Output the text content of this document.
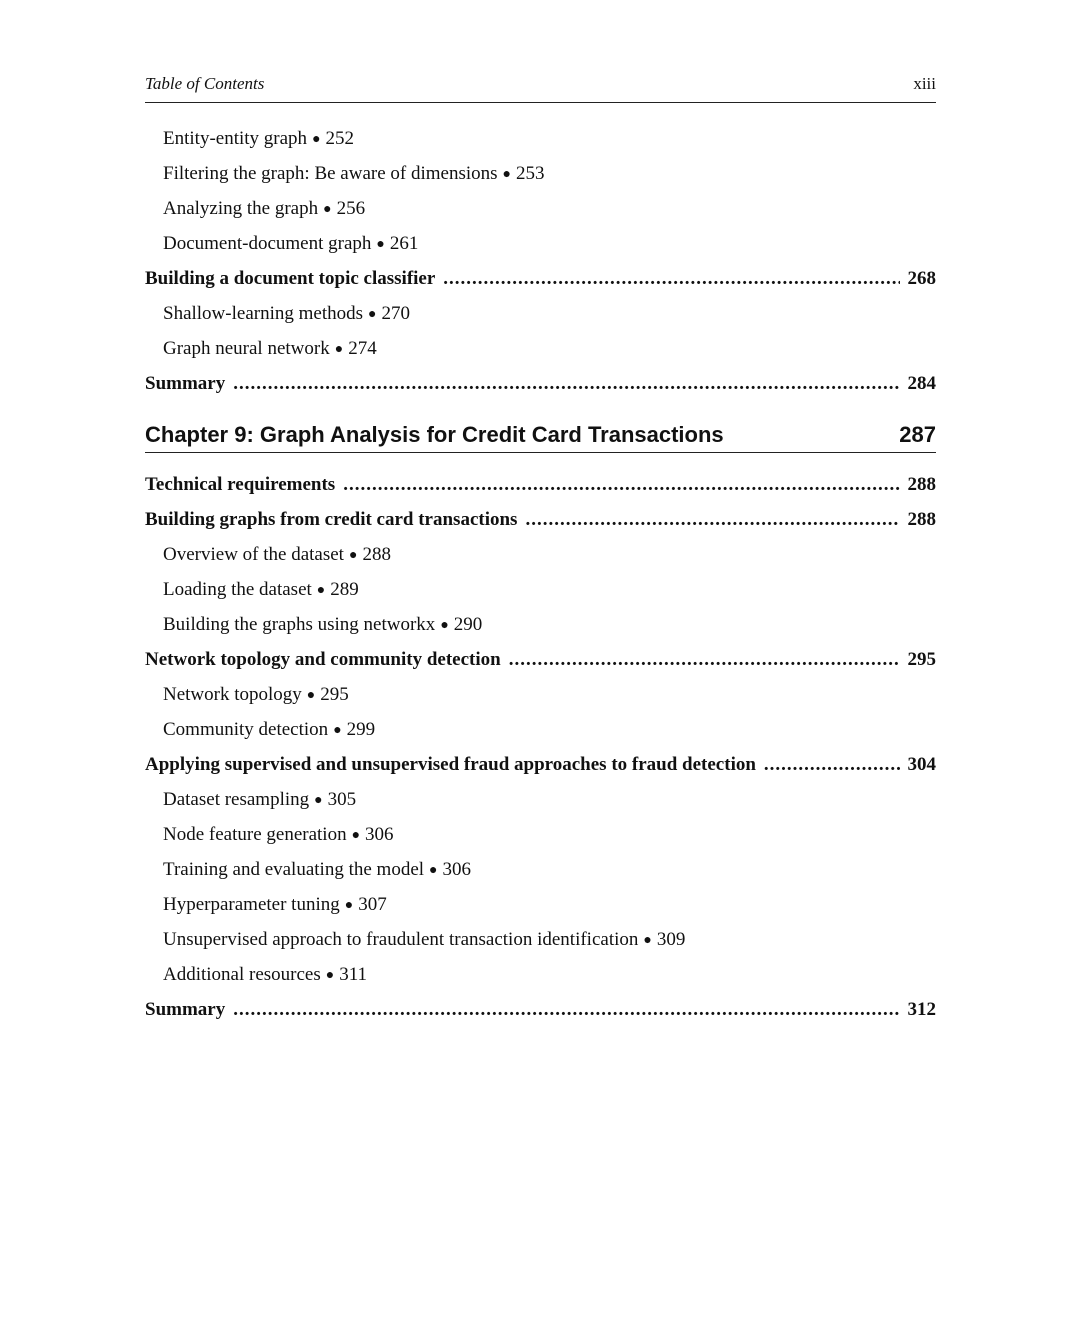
Table of Contents	xiii
Entity-entity graph ● 252
Filtering the graph: Be aware of dimensions ● 253
Analyzing the graph ● 256
Document-document graph ● 261
Building a document topic classifier .....	268
Shallow-learning methods ● 270
Graph neural network ● 274
Summary .....	284
Chapter 9: Graph Analysis for Credit Card Transactions	287
Technical requirements .....	288
Building graphs from credit card transactions .....	288
Overview of the dataset ● 288
Loading the dataset ● 289
Building the graphs using networkx ● 290
Network topology and community detection .....	295
Network topology ● 295
Community detection ● 299
Applying supervised and unsupervised fraud approaches to fraud detection .....	304
Dataset resampling ● 305
Node feature generation ● 306
Training and evaluating the model ● 306
Hyperparameter tuning ● 307
Unsupervised approach to fraudulent transaction identification ● 309
Additional resources ● 311
Summary .....	312
